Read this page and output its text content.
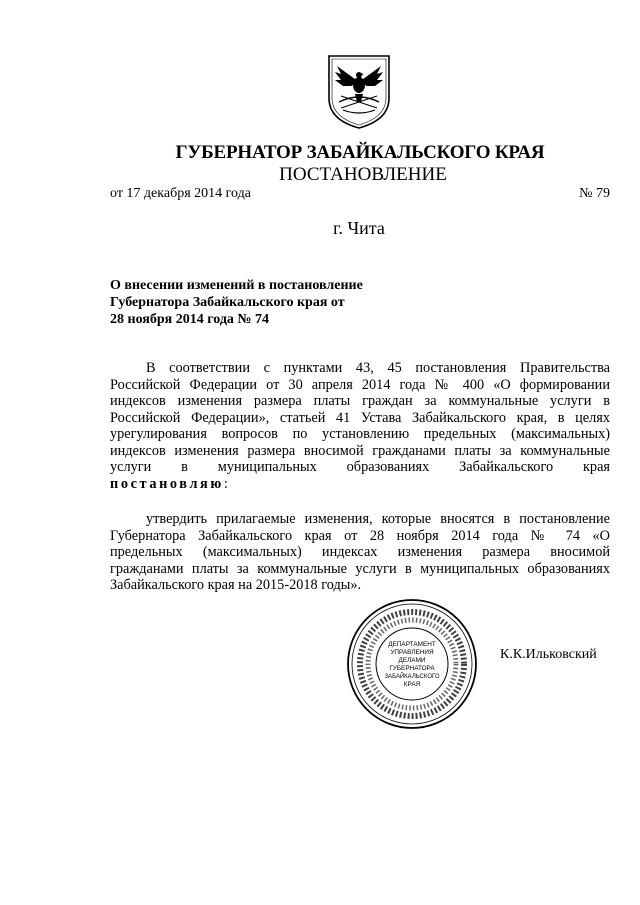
ГУБЕРНАТОР ЗАБАЙКАЛЬСКОГО КРАЯ
ПОСТАНОВЛЕНИЕ
от 17 декабря 2014 года	№ 79
г. Чита
О внесении изменений в постановление
Губернатора Забайкальского края от
28 ноября 2014 года № 74
В соответствии с пунктами 43, 45 постановления Правительства
Российской Федерации от 30 апреля 2014 года № 400 «О формировании
индексов изменения размера платы граждан за коммунальные услуги в
Российской Федерации», статьей 41 Устава Забайкальского края, в целях
урегулирования вопросов по установлению предельных (максимальных)
индексов изменения размера вносимой гражданами платы за коммунальные
услуги в муниципальных образованиях Забайкальского края
постановляю:
утвердить прилагаемые изменения, которые вносятся в постановление
Губернатора Забайкальского края от 28 ноября 2014 года № 74 «О
предельных (максимальных) индексах изменения размера вносимой
гражданами платы за коммунальные услуги в муниципальных образованиях
Забайкальского края на 2015-2018 годы».
ДЕПАРТАМЕНТ
УПРАВЛЕНИЯ
ДЕЛАМИ
ГУБЕРНАТОРА
ЗАБАЙКАЛЬСКОГО
КРАЯ
К.К.Ильковский
